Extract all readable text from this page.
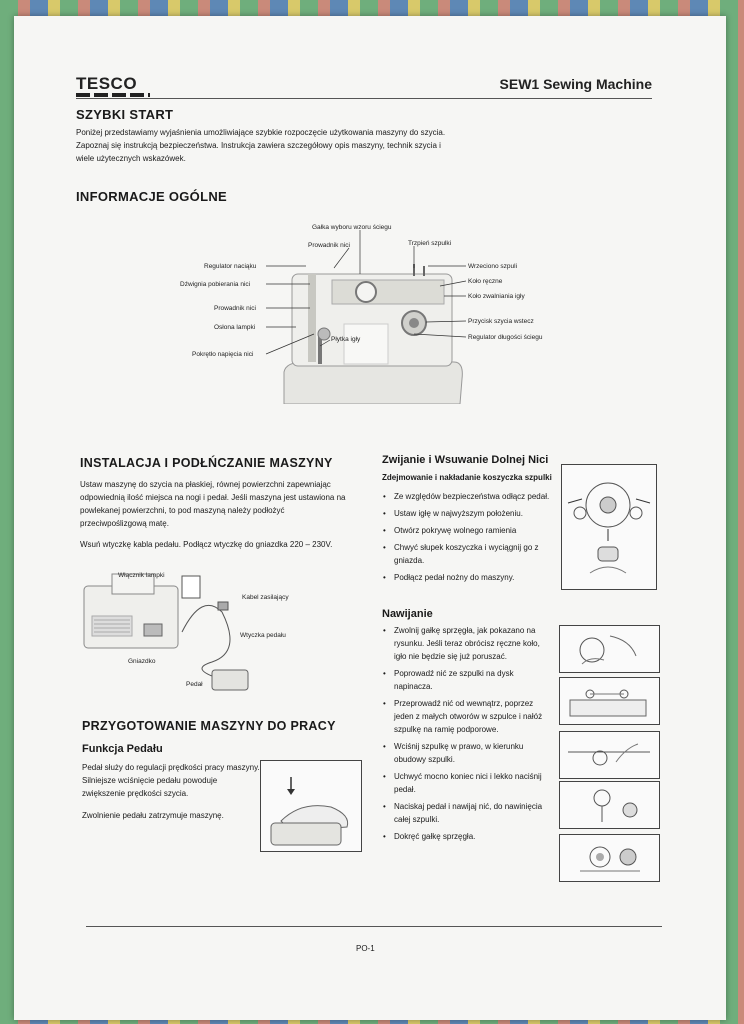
TESCO	SEW1 Sewing Machine
SZYBKI START

Poniżej przedstawiamy wyjaśnienia umożliwiające szybkie rozpoczęcie użytkowania maszyny do szycia. Zapoznaj się instrukcją bezpieczeństwa. Instrukcja zawiera szczegółowy opis maszyny, technik szycia i wiele użytecznych wskazówek.

INFORMACJE OGÓLNE
Gałka wyboru wzoru ściegu
Prowadnik nici	Trzpień szpulki
Regulator naciąku
Dźwignia pobierania nici
Prowadnik nici
Osłona lampki
Pokrętło napięcia nici
Płytka igły
Wrzeciono szpuli
Koło ręczne
Koło zwalniania igły
Przycisk szycia wstecz
Regulator długości ściegu
INSTALACJA I PODŁŃCZANIE MASZYNY

Ustaw maszynę do szycia na płaskiej, równej powierzchni zapewniając odpowiednią ilość miejsca na nogi i pedał. Jeśli maszyna jest ustawiona na powlekanej powierzchni, to pod maszyną należy podłożyć przeciwpoślizgową matę.

Wsuń wtyczkę kabla pedału. Podłącz wtyczkę do gniazdka 220 – 230V.

Włącznik lampki
Kabel zasilający
Wtyczka pedału
Gniazdko
Pedał
PRZYGOTOWANIE MASZYNY DO PRACY
Funkcja Pedału

Pedał służy do regulacji prędkości pracy maszyny. Silniejsze wciśnięcie pedału powoduje zwiększenie prędkości szycia.

Zwolnienie pedału zatrzymuje maszynę.

Zwijanie i Wsuwanie Dolnej Nici
Zdejmowanie i nakładanie koszyczka szpulki
• Ze względów bezpieczeństwa odłącz pedał.
• Ustaw igłę w najwyższym położeniu.
• Otwórz pokrywę wolnego ramienia
• Chwyć słupek koszyczka i wyciągnij go z gniazda.
• Podłącz pedał nożny do maszyny.
Nawijanie
• Zwolnij gałkę sprzęgła, jak pokazano na rysunku. Jeśli teraz obrócisz ręczne koło, igło nie będzie się już poruszać.
• Poprowadź nić ze szpulki na dysk napinacza.
• Przeprowadź nić od wewnątrz, poprzez jeden z małych otworów w szpulce i nałóż szpulkę na ramię podporowe.
• Wciśnij szpulkę w prawo, w kierunku obudowy szpulki.
• Uchwyć mocno koniec nici i lekko naciśnij pedał.
• Naciskaj pedał i nawijaj nić, do nawinięcia całej szpulki.
• Dokręć gałkę sprzęgła.
PO-1
